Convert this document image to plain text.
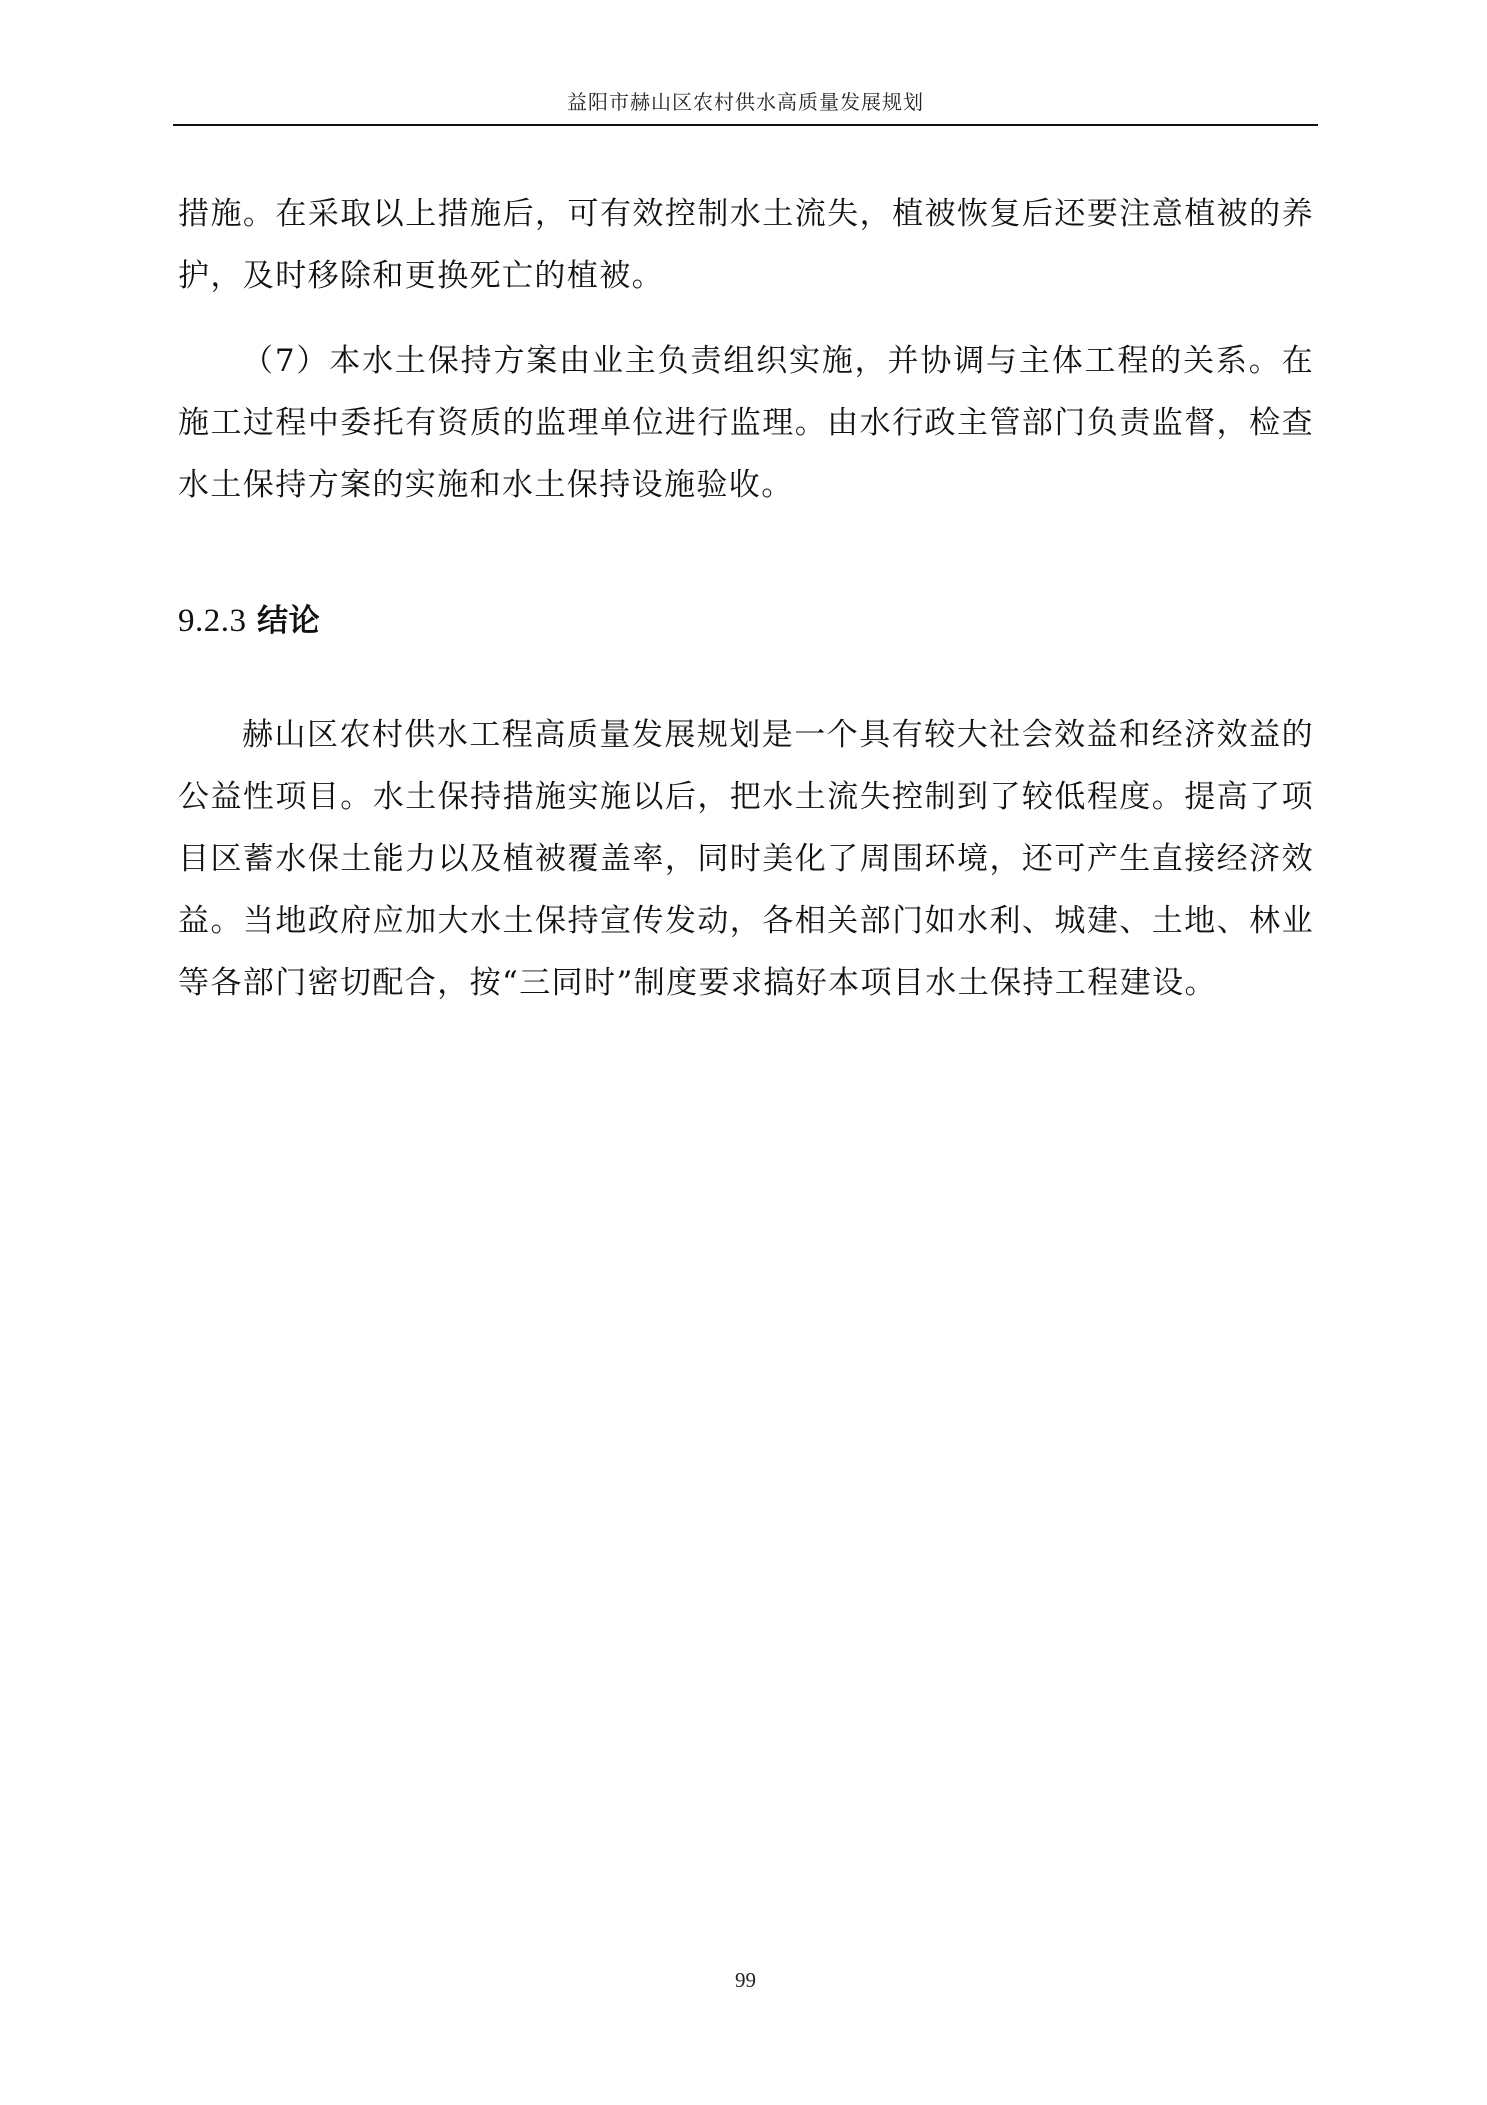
益阳市赫山区农村供水高质量发展规划

措施。在采取以上措施后，可有效控制水土流失，植被恢复后还要注意植被的养护，及时移除和更换死亡的植被。

（7）本水土保持方案由业主负责组织实施，并协调与主体工程的关系。在施工过程中委托有资质的监理单位进行监理。由水行政主管部门负责监督，检查水土保持方案的实施和水土保持设施验收。

9.2.3 结论

赫山区农村供水工程高质量发展规划是一个具有较大社会效益和经济效益的公益性项目。水土保持措施实施以后，把水土流失控制到了较低程度。提高了项目区蓄水保土能力以及植被覆盖率，同时美化了周围环境，还可产生直接经济效益。当地政府应加大水土保持宣传发动，各相关部门如水利、城建、土地、林业等各部门密切配合，按“三同时”制度要求搞好本项目水土保持工程建设。

99
